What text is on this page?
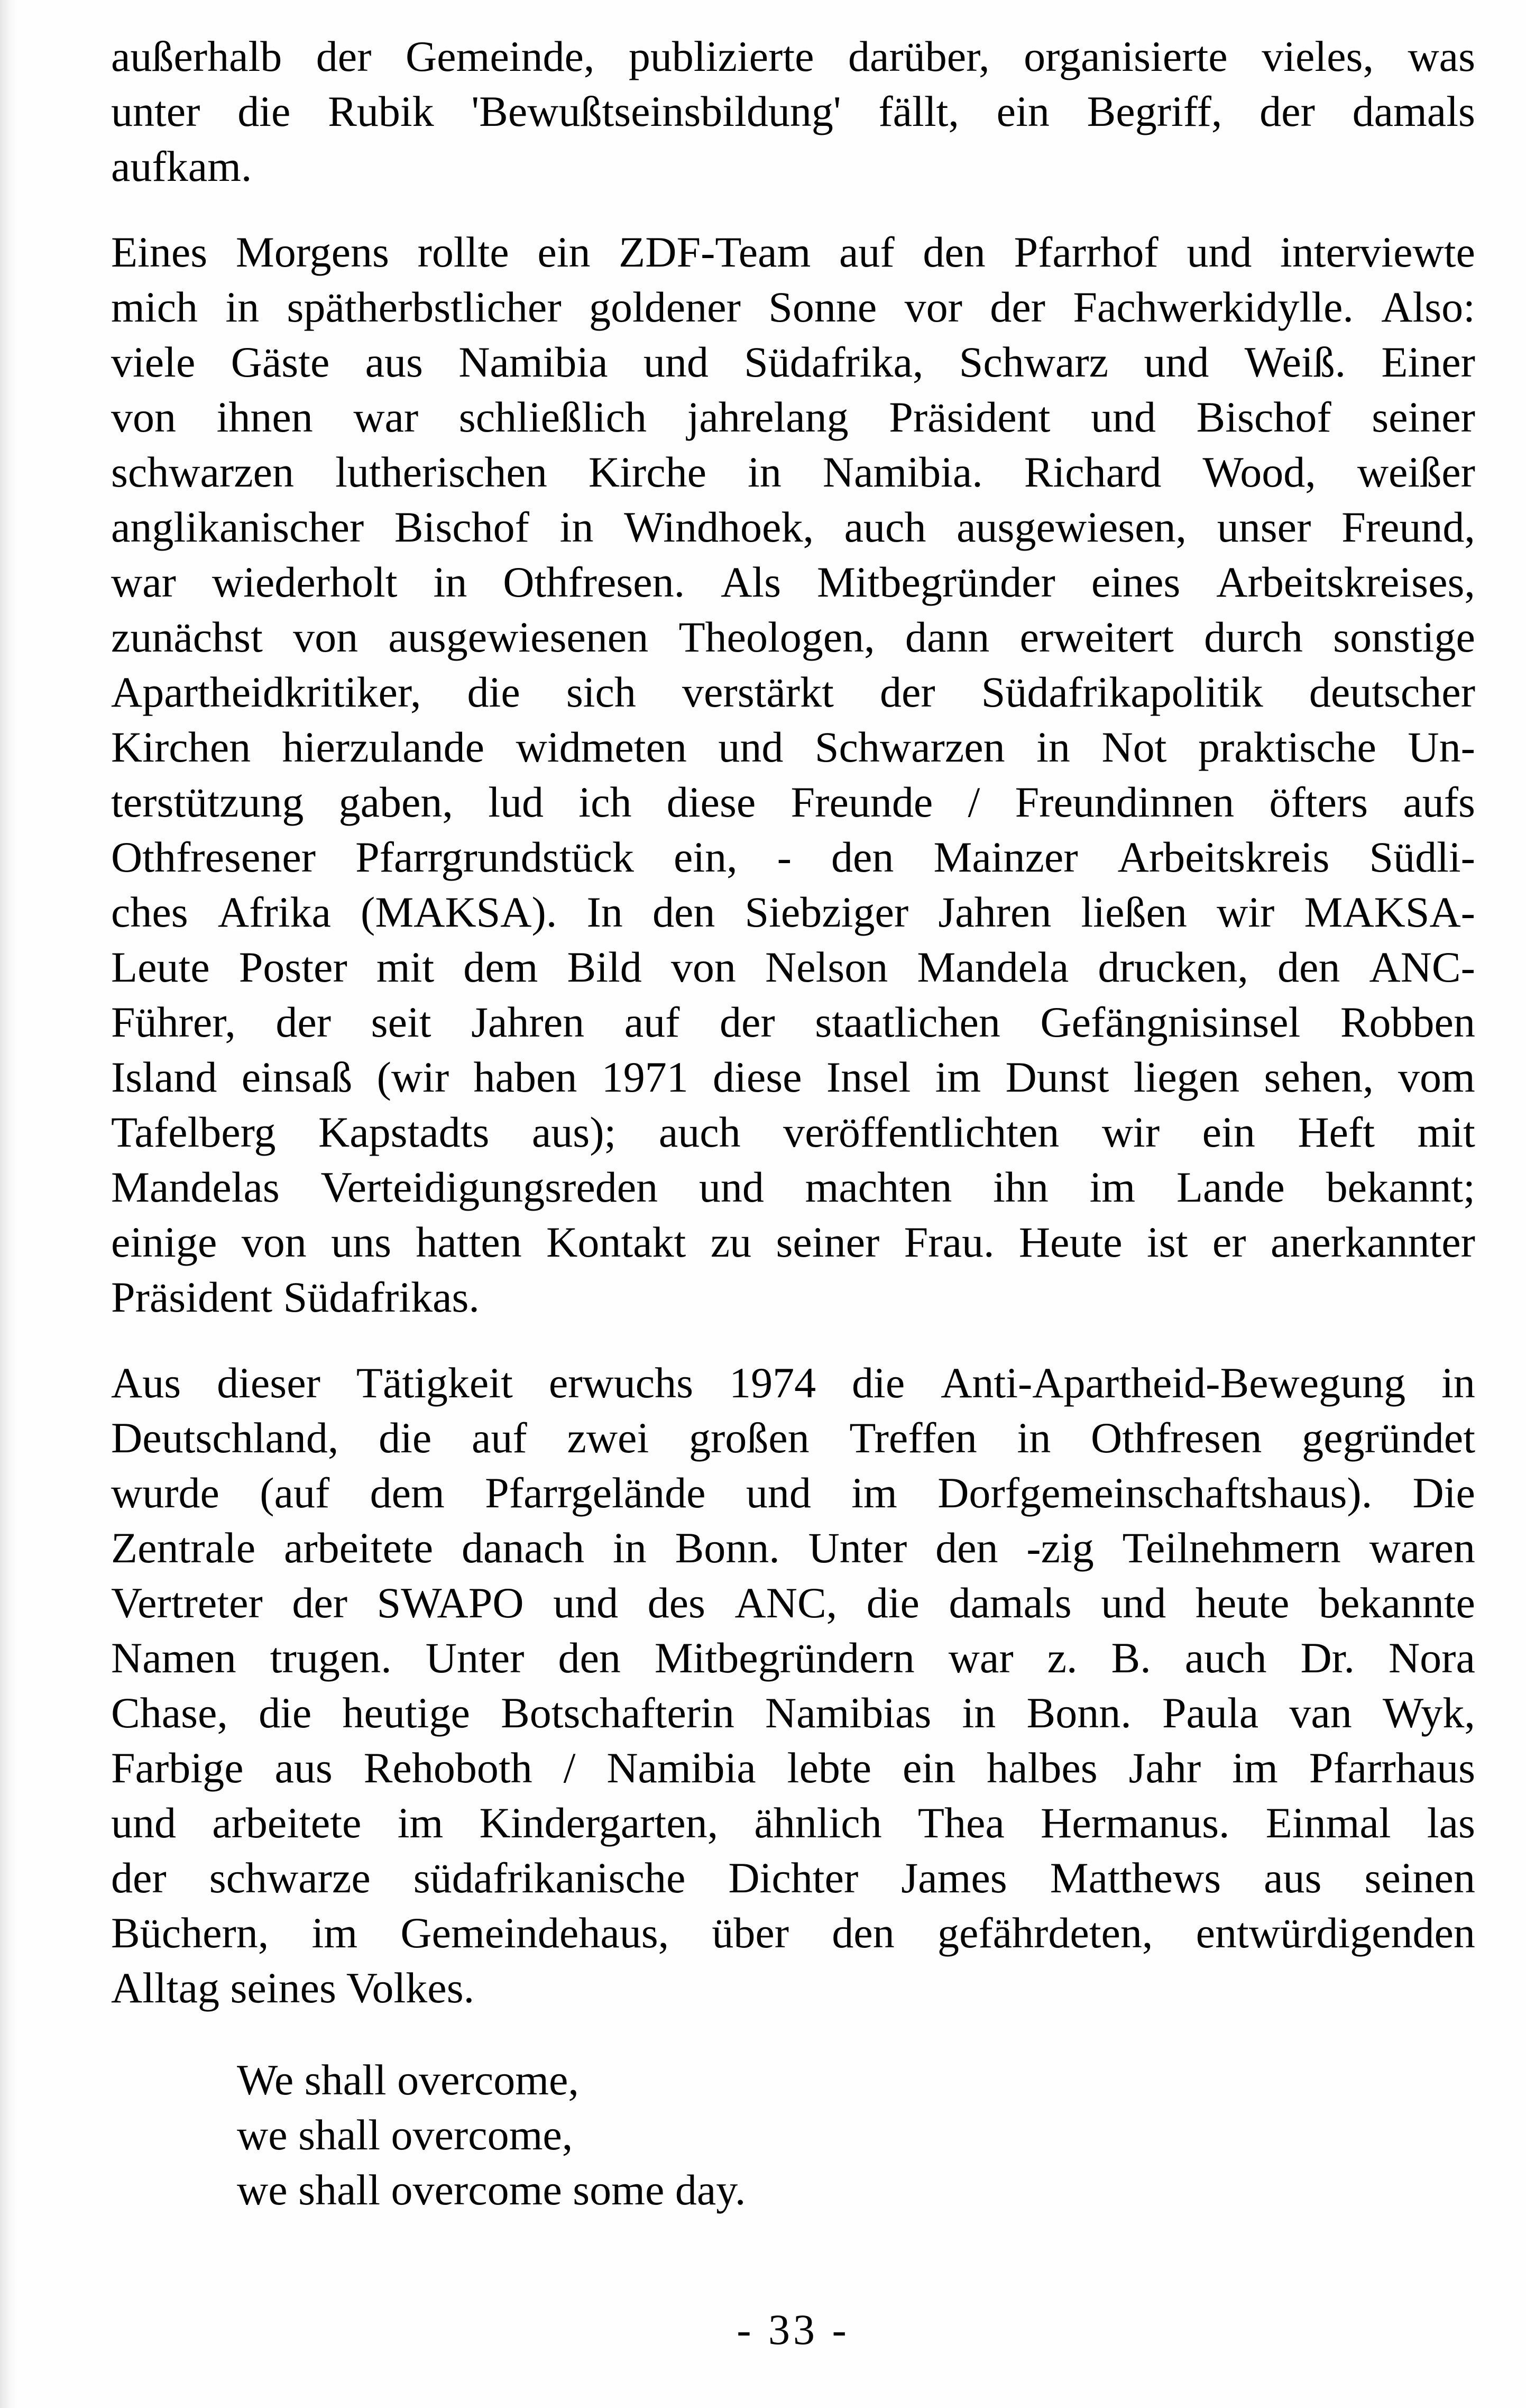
außerhalb der Gemeinde, publizierte darüber, organisierte vieles, was
unter die Rubik 'Bewußtseinsbildung' fällt, ein Begriff, der damals
aufkam.
Eines Morgens rollte ein ZDF-Team auf den Pfarrhof und interviewte
mich in spätherbstlicher goldener Sonne vor der Fachwerkidylle. Also:
viele Gäste aus Namibia und Südafrika, Schwarz und Weiß. Einer
von ihnen war schließlich jahrelang Präsident und Bischof seiner
schwarzen lutherischen Kirche in Namibia. Richard Wood, weißer
anglikanischer Bischof in Windhoek, auch ausgewiesen, unser Freund,
war wiederholt in Othfresen. Als Mitbegründer eines Arbeitskreises,
zunächst von ausgewiesenen Theologen, dann erweitert durch sonstige
Apartheidkritiker, die sich verstärkt der Südafrikapolitik deutscher
Kirchen hierzulande widmeten und Schwarzen in Not praktische Un-
terstützung gaben, lud ich diese Freunde / Freundinnen öfters aufs
Othfresener Pfarrgrundstück ein, - den Mainzer Arbeitskreis Südli-
ches Afrika (MAKSA). In den Siebziger Jahren ließen wir MAKSA-
Leute Poster mit dem Bild von Nelson Mandela drucken, den ANC-
Führer, der seit Jahren auf der staatlichen Gefängnisinsel Robben
Island einsaß (wir haben 1971 diese Insel im Dunst liegen sehen, vom
Tafelberg Kapstadts aus); auch veröffentlichten wir ein Heft mit
Mandelas Verteidigungsreden und machten ihn im Lande bekannt;
einige von uns hatten Kontakt zu seiner Frau. Heute ist er anerkannter
Präsident Südafrikas.
Aus dieser Tätigkeit erwuchs 1974 die Anti-Apartheid-Bewegung in
Deutschland, die auf zwei großen Treffen in Othfresen gegründet
wurde (auf dem Pfarrgelände und im Dorfgemeinschaftshaus). Die
Zentrale arbeitete danach in Bonn. Unter den -zig Teilnehmern waren
Vertreter der SWAPO und des ANC, die damals und heute bekannte
Namen trugen. Unter den Mitbegründern war z. B. auch Dr. Nora
Chase, die heutige Botschafterin Namibias in Bonn. Paula van Wyk,
Farbige aus Rehoboth / Namibia lebte ein halbes Jahr im Pfarrhaus
und arbeitete im Kindergarten, ähnlich Thea Hermanus. Einmal las
der schwarze südafrikanische Dichter James Matthews aus seinen
Büchern, im Gemeindehaus, über den gefährdeten, entwürdigenden
Alltag seines Volkes.
We shall overcome,
we shall overcome,
we shall overcome some day.
- 33 -
